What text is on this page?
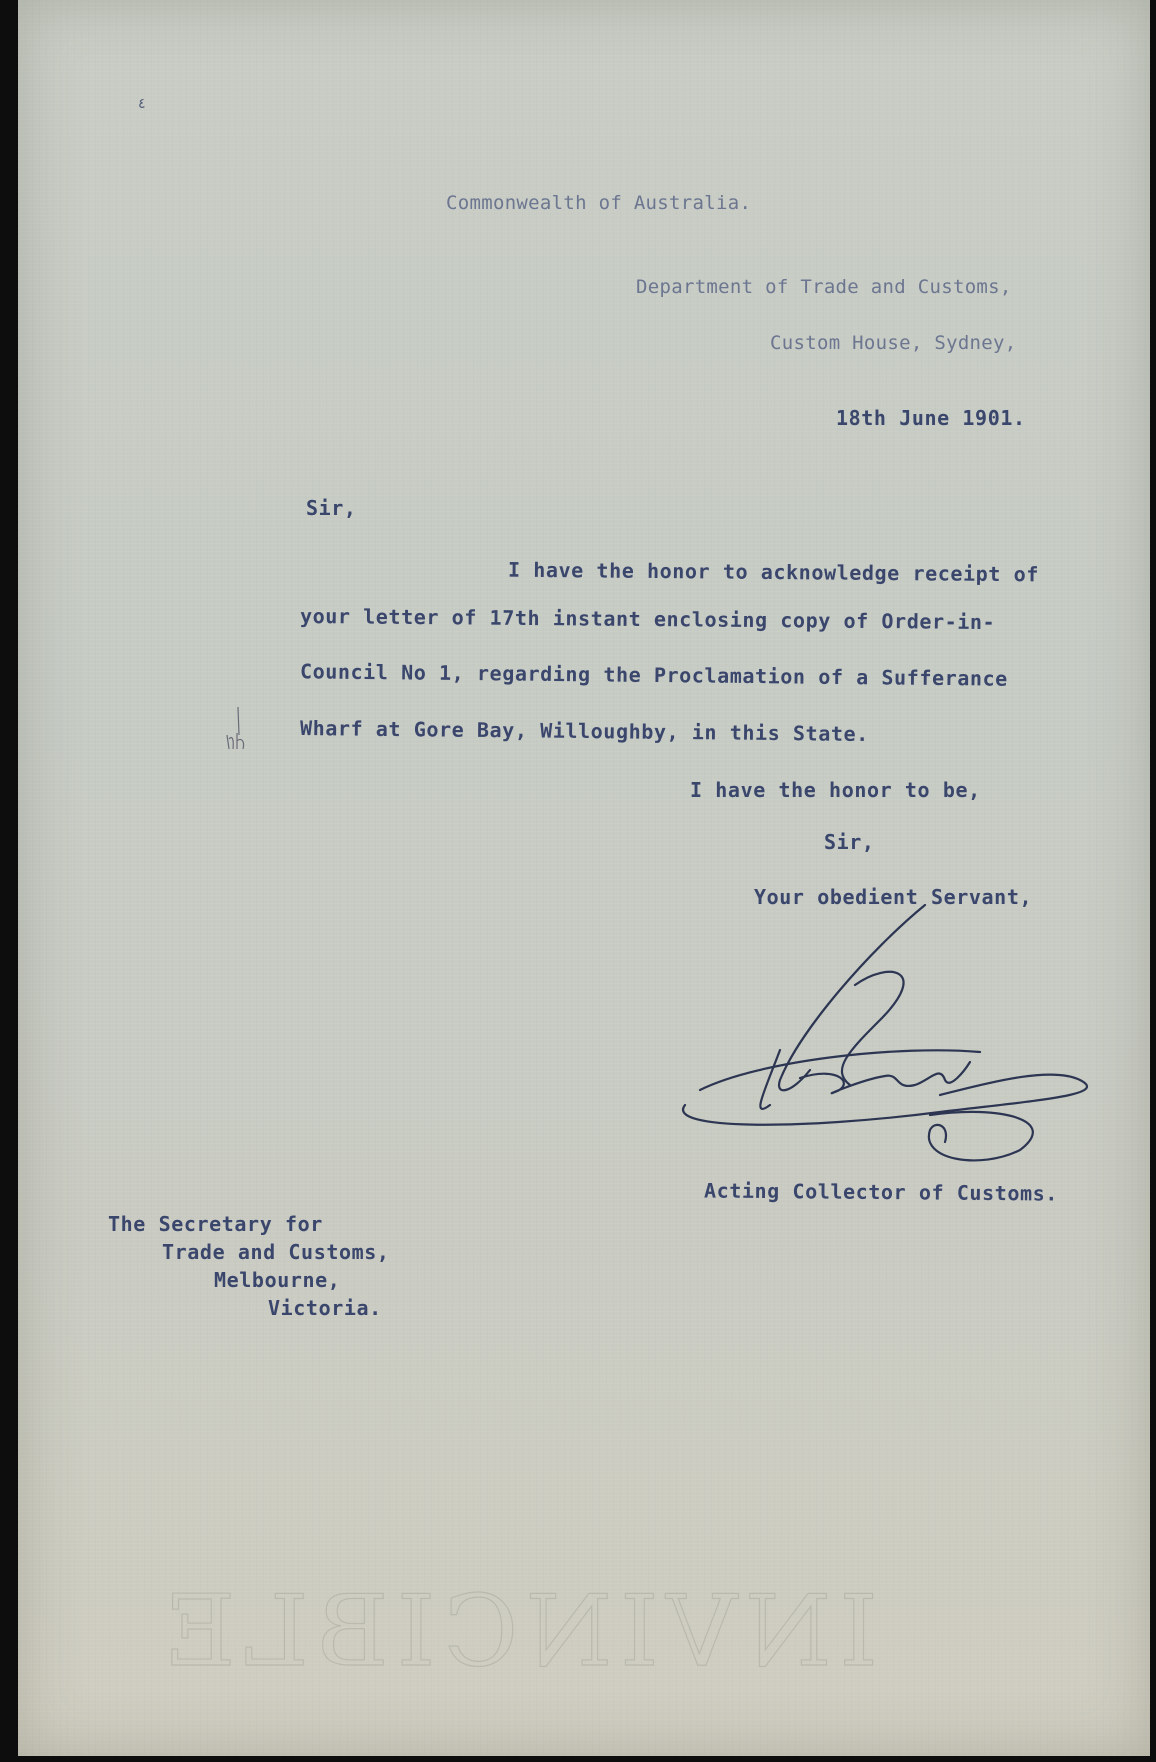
Commonwealth of Australia.
Department of Trade and Customs,
Custom House, Sydney,
18th June 1901.
Sir,
I have the honor to acknowledge receipt of
your letter of 17th instant enclosing copy of Order-in-
Council No 1, regarding the Proclamation of a Sufferance
Wharf at Gore Bay, Willoughby, in this State.
I have the honor to be,
Sir,
Your obedient Servant,
Acting Collector of Customs.
The Secretary for
Trade and Customs,
Melbourne,
Victoria.
٤
INVINCIBLE
